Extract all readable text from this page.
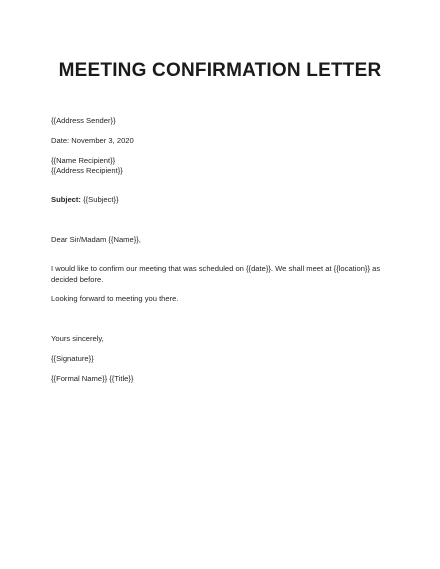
MEETING CONFIRMATION LETTER

{{Address Sender}}

Date: November 3, 2020

{{Name Recipient}}

{{Address Recipient}}

Subject: {{Subject}}

Dear Sir/Madam {{Name}},

I would like to confirm our meeting that was scheduled on {{date}}. We shall meet at {{location}} as decided before.

Looking forward to meeting you there.

Yours sincerely,

{{Signature}}

{{Formal Name}} {{Title}}
